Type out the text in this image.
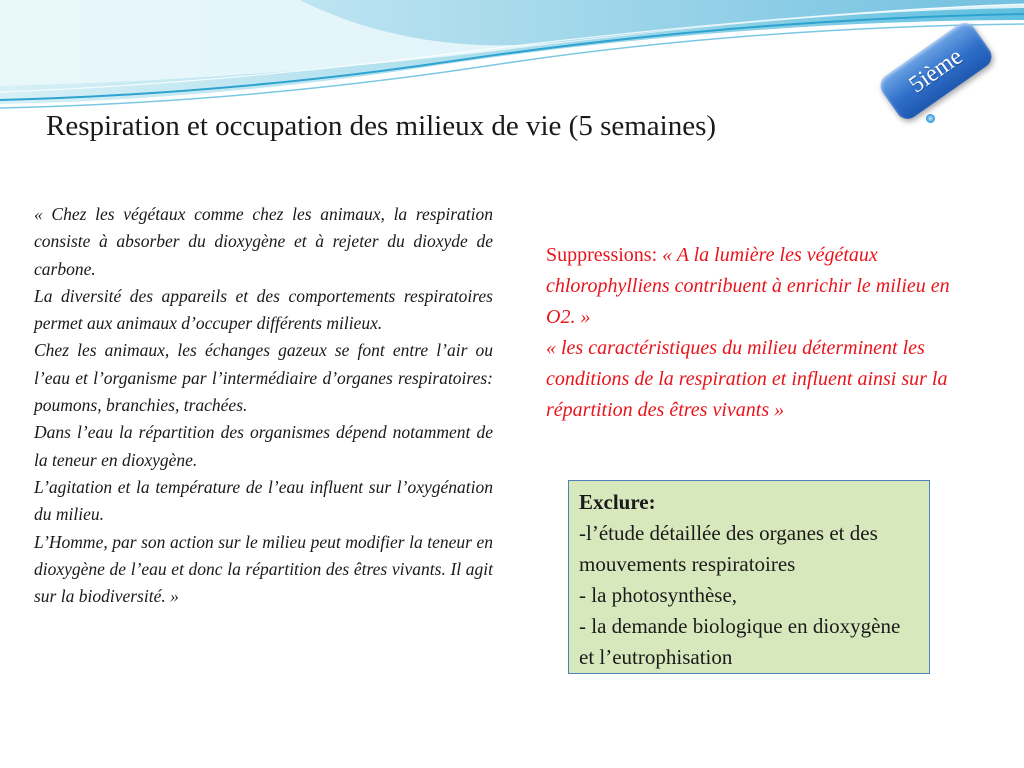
5ième
Respiration et occupation des milieux de vie (5 semaines)

« Chez les végétaux comme chez les animaux, la respiration consiste à absorber du dioxygène et à rejeter du dioxyde de carbone.

La diversité des appareils et des comportements respiratoires permet aux animaux d’occuper différents milieux.

Chez les animaux, les échanges gazeux se font entre l’air ou l’eau et l’organisme par l’intermédiaire d’organes respiratoires: poumons, branchies, trachées.

Dans l’eau la répartition des organismes dépend notamment de la teneur en dioxygène.

L’agitation et la température de l’eau influent sur l’oxygénation du milieu.

L’Homme, par son action sur le milieu peut modifier la teneur en dioxygène de l’eau et donc la répartition des êtres vivants. Il agit sur la biodiversité. »

Suppressions: « A la lumière les végétaux chlorophylliens contribuent à enrichir le milieu en O2. »

« les caractéristiques du milieu déterminent les conditions de la respiration et influent ainsi sur la répartition des êtres vivants »

Exclure:

-l’étude détaillée des organes et des mouvements respiratoires

- la photosynthèse,

- la demande biologique en dioxygène et l’eutrophisation
